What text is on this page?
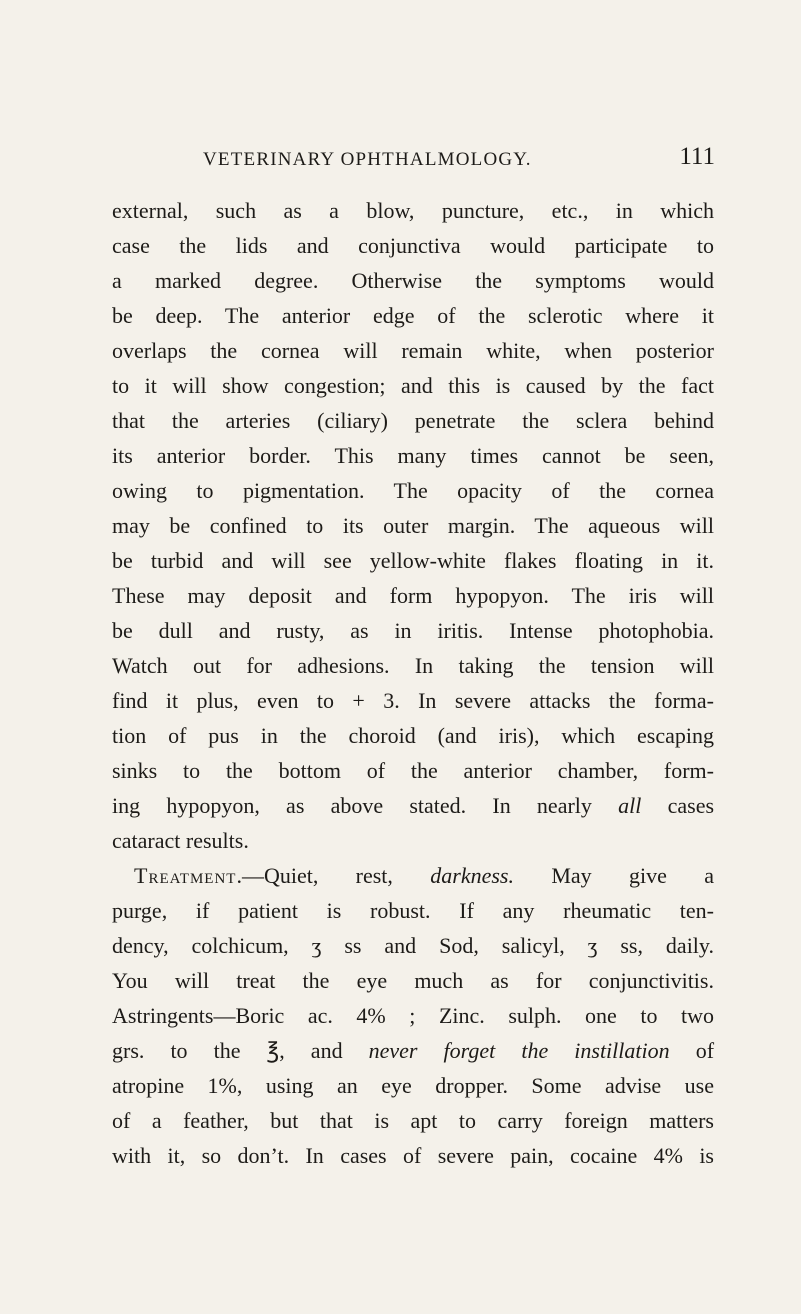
VETERINARY OPHTHALMOLOGY.	111
external, such as a blow, puncture, etc., in which
case the lids and conjunctiva would participate to
a marked degree. Otherwise the symptoms would
be deep. The anterior edge of the sclerotic where it
overlaps the cornea will remain white, when posterior
to it will show congestion; and this is caused by the fact
that the arteries (ciliary) penetrate the sclera behind
its anterior border. This many times cannot be seen,
owing to pigmentation. The opacity of the cornea
may be confined to its outer margin. The aqueous will
be turbid and will see yellow-white flakes floating in it.
These may deposit and form hypopyon. The iris will
be dull and rusty, as in iritis. Intense photophobia.
Watch out for adhesions. In taking the tension will
find it plus, even to + 3. In severe attacks the forma-
tion of pus in the choroid (and iris), which escaping
sinks to the bottom of the anterior chamber, form-
ing hypopyon, as above stated. In nearly all cases
cataract results.
Treatment.—Quiet, rest, darkness. May give a
purge, if patient is robust. If any rheumatic ten-
dency, colchicum, ʒ ss and Sod, salicyl, ʒ ss, daily.
You will treat the eye much as for conjunctivitis.
Astringents—Boric ac. 4% ; Zinc. sulph. one to two
grs. to the ℥, and never forget the instillation of
atropine 1%, using an eye dropper. Some advise use
of a feather, but that is apt to carry foreign matters
with it, so don’t. In cases of severe pain, cocaine 4% is
